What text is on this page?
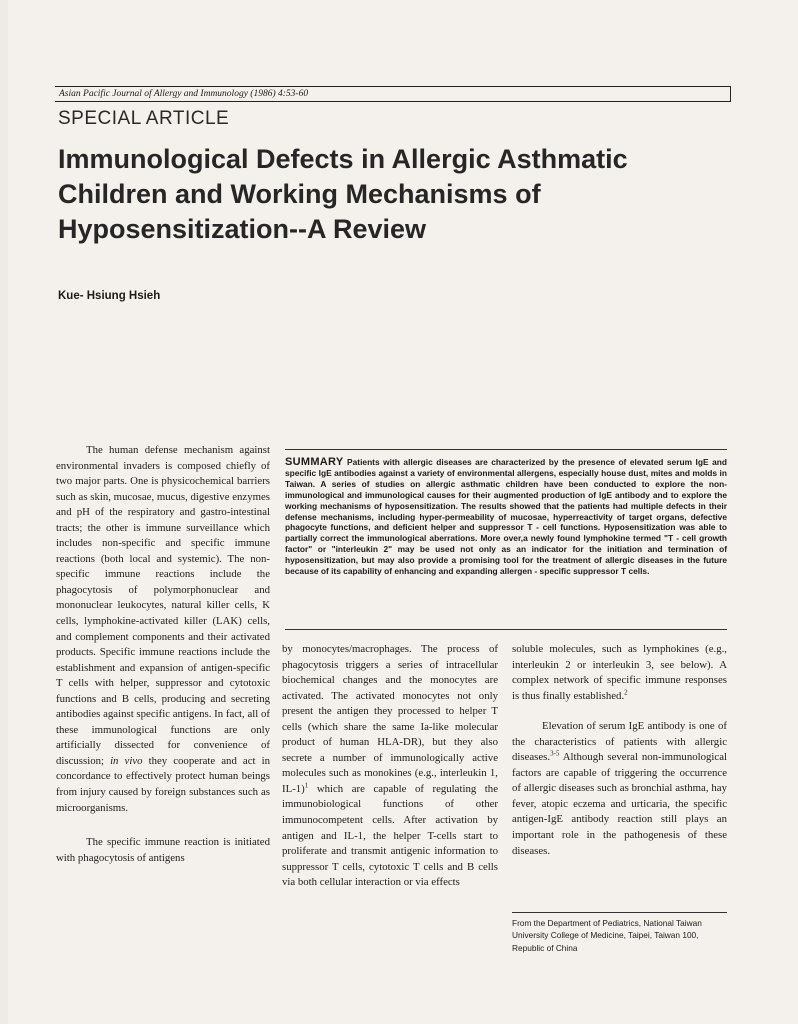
Asian Pacific Journal of Allergy and Immunology (1986) 4:53-60
SPECIAL ARTICLE
Immunological Defects in Allergic Asthmatic
Children and Working Mechanisms of
Hyposensitization--A Review
Kue- Hsiung Hsieh

SUMMARY Patients with allergic diseases are characterized by the presence of elevated serum IgE and specific IgE antibodies against a variety of environmental allergens, especially house dust, mites and molds in Taiwan. A series of studies on allergic asthmatic children have been conducted to explore the non-immunological and immunological causes for their augmented production of IgE antibody and to explore the working mechanisms of hyposensitization. The results showed that the patients had multiple defects in their defense mechanisms, including hyper-permeability of mucosae, hyperreactivity of target organs, defective phagocyte functions, and deficient helper and suppressor T - cell functions. Hyposensitization was able to partially correct the immunological aberrations. More over,a newly found lymphokine termed "T - cell growth factor" or "interleukin 2" may be used not only as an indicator for the initiation and termination of hyposensitization, but may also provide a promising tool for the treatment of allergic diseases in the future because of its capability of enhancing and expanding allergen - specific suppressor T cells.

The human defense mechanism against environmental invaders is composed chiefly of two major parts. One is physicochemical barriers such as skin, mucosae, mucus, digestive enzymes and pH of the respiratory and gastro-intestinal tracts; the other is immune surveillance which includes non-specific and specific immune reactions (both local and systemic). The non-specific immune reactions include the phagocytosis of polymorphonuclear and mononuclear leukocytes, natural killer cells, K cells, lymphokine-activated killer (LAK) cells, and complement components and their activated products. Specific immune reactions include the establishment and expansion of antigen-specific T cells with helper, suppressor and cytotoxic functions and B cells, producing and secreting antibodies against specific antigens. In fact, all of these immunological functions are only artificially dissected for convenience of discussion; in vivo they cooperate and act in concordance to effectively protect human beings from injury caused by foreign substances such as microorganisms.

The specific immune reaction is initiated with phagocytosis of antigens

by monocytes/macrophages. The process of phagocytosis triggers a series of intracellular biochemical changes and the monocytes are activated. The activated monocytes not only present the antigen they processed to helper T cells (which share the same Ia-like molecular product of human HLA-DR), but they also secrete a number of immunologically active molecules such as monokines (e.g., interleukin 1, IL-1)$^1$ which are capable of regulating the immunobiological functions of other immunocompetent cells. After activation by antigen and IL-1, the helper T-cells start to proliferate and transmit antigenic information to suppressor T cells, cytotoxic T cells and B cells via both cellular interaction or via effects

soluble molecules, such as lymphokines (e.g., interleukin 2 or interleukin 3, see below). A complex network of specific immune responses is thus finally established.$^2$

Elevation of serum IgE antibody is one of the characteristics of patients with allergic diseases.$^{3-5}$ Although several non-immunological factors are capable of triggering the occurrence of allergic diseases such as bronchial asthma, hay fever, atopic eczema and urticaria, the specific antigen-IgE antibody reaction still plays an important role in the pathogenesis of these diseases.

From the Department of Pediatrics, National Taiwan University College of Medicine, Taipei, Taiwan 100, Republic of China
